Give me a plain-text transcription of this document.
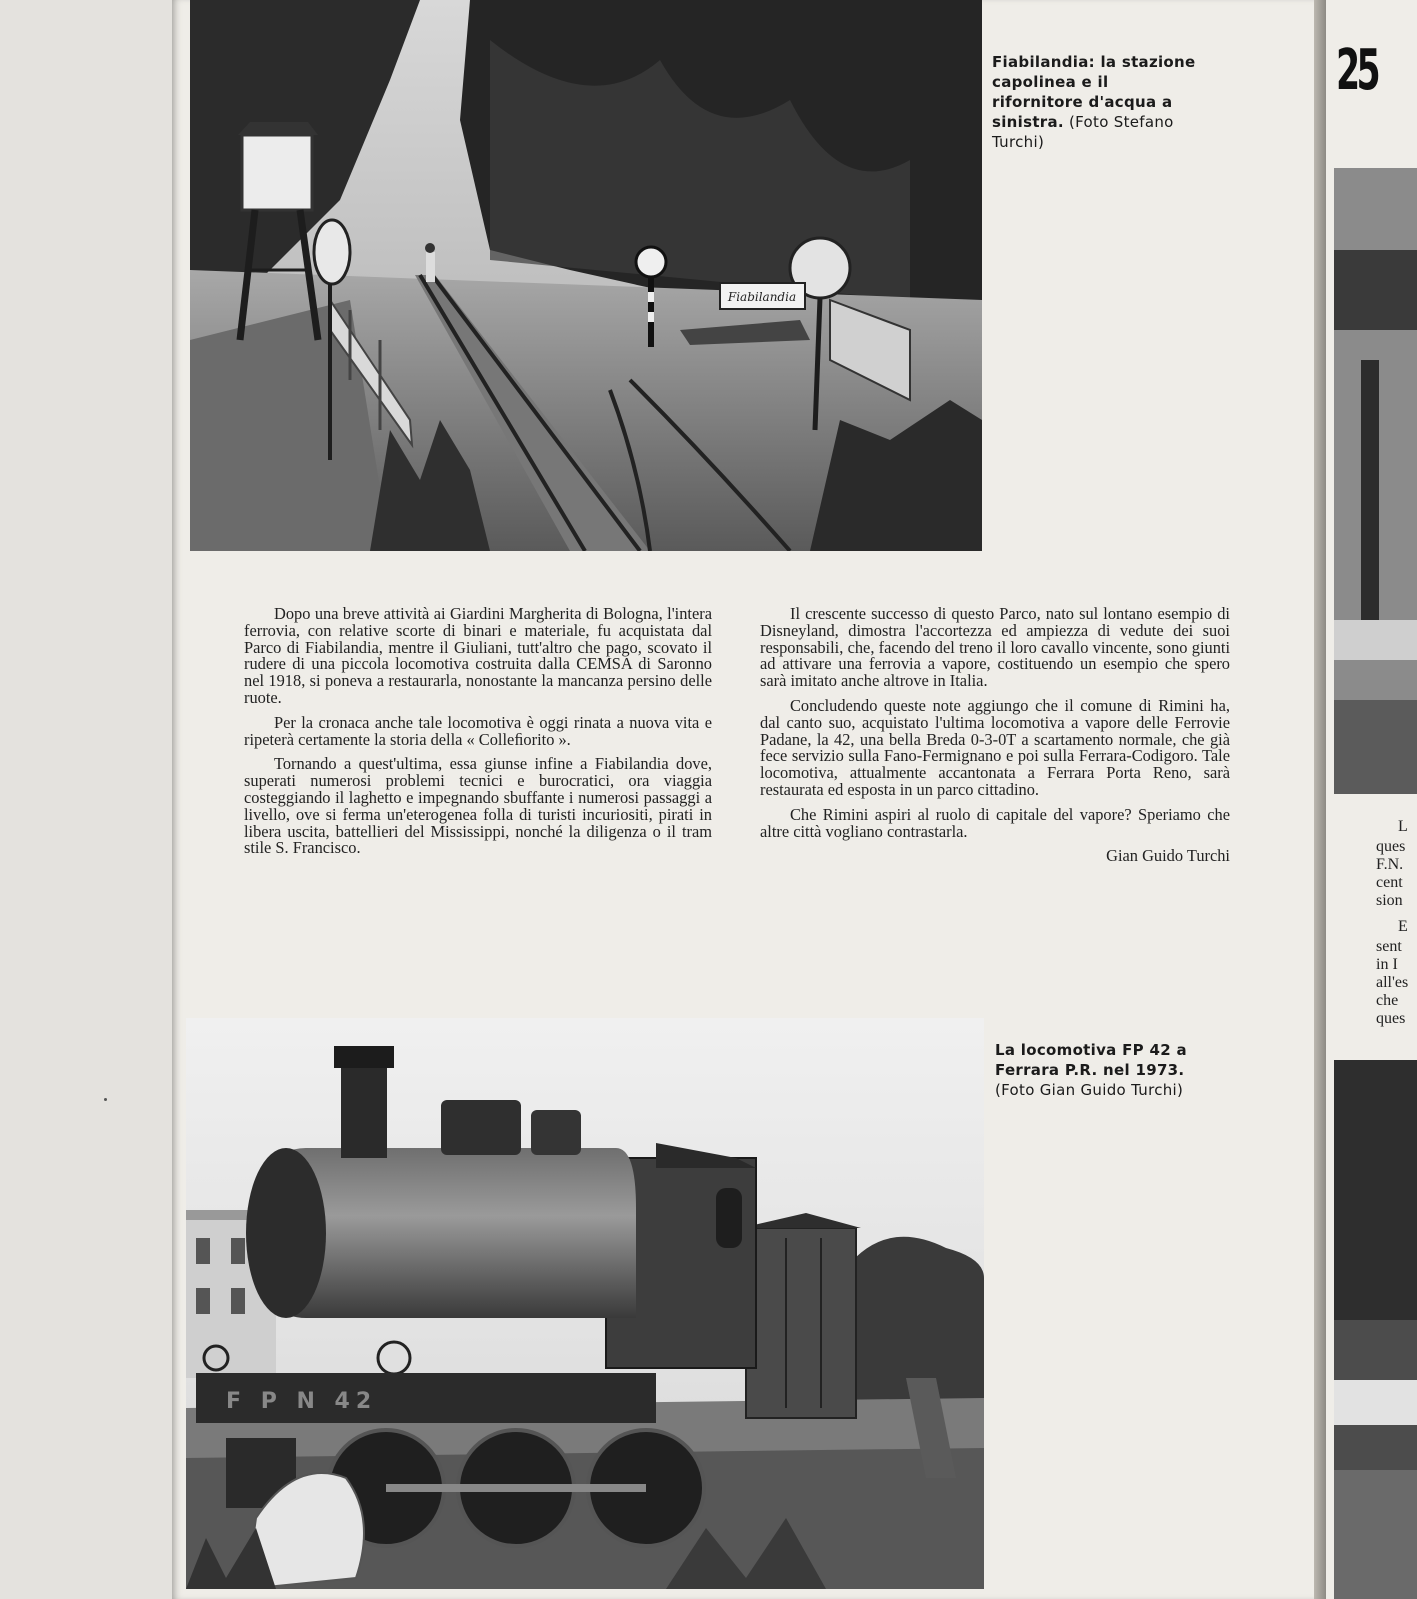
Fiabilandia
Fiabilandia: la stazione capolinea e il rifornitore d'acqua a sinistra. (Foto Stefano Turchi)

Dopo una breve attività ai Giardini Margherita di Bologna, l'intera ferrovia, con relative scorte di binari e materiale, fu acquistata dal Parco di Fiabilandia, mentre il Giuliani, tutt'altro che pago, scovato il rudere di una piccola locomotiva costruita dalla CEMSA di Saronno nel 1918, si poneva a restaurarla, nonostante la mancanza persino delle ruote.

Per la cronaca anche tale locomotiva è oggi rinata a nuova vita e ripeterà certamente la storia della « Colleﬁorito ».

Tornando a quest'ultima, essa giunse infine a Fiabilandia dove, superati numerosi problemi tecnici e burocratici, ora viaggia costeggiando il laghetto e impegnando sbuffante i numerosi passaggi a livello, ove si ferma un'eterogenea folla di turisti incuriositi, pirati in libera uscita, battellieri del Mississippi, nonché la diligenza o il tram stile S. Francisco.

Il crescente successo di questo Parco, nato sul lontano esempio di Disneyland, dimostra l'accortezza ed ampiezza di vedute dei suoi responsabili, che, facendo del treno il loro cavallo vincente, sono giunti ad attivare una ferrovia a vapore, costituendo un esempio che spero sarà imitato anche altrove in Italia.

Concludendo queste note aggiungo che il comune di Rimini ha, dal canto suo, acquistato l'ultima locomotiva a vapore delle Ferrovie Padane, la 42, una bella Breda 0-3-0T a scartamento normale, che già fece servizio sulla Fano-Fermignano e poi sulla Ferrara-Codigoro. Tale locomotiva, attualmente accantonata a Ferrara Porta Reno, sarà restaurata ed esposta in un parco cittadino.

Che Rimini aspiri al ruolo di capitale del vapore? Speriamo che altre città vogliano contrastarla.

Gian Guido Turchi
F P N 42
La locomotiva FP 42 a Ferrara P.R. nel 1973. (Foto Gian Guido Turchi)
25
L
ques
F.N.
cent
sion
E
sent
in I
all'es
che
ques
